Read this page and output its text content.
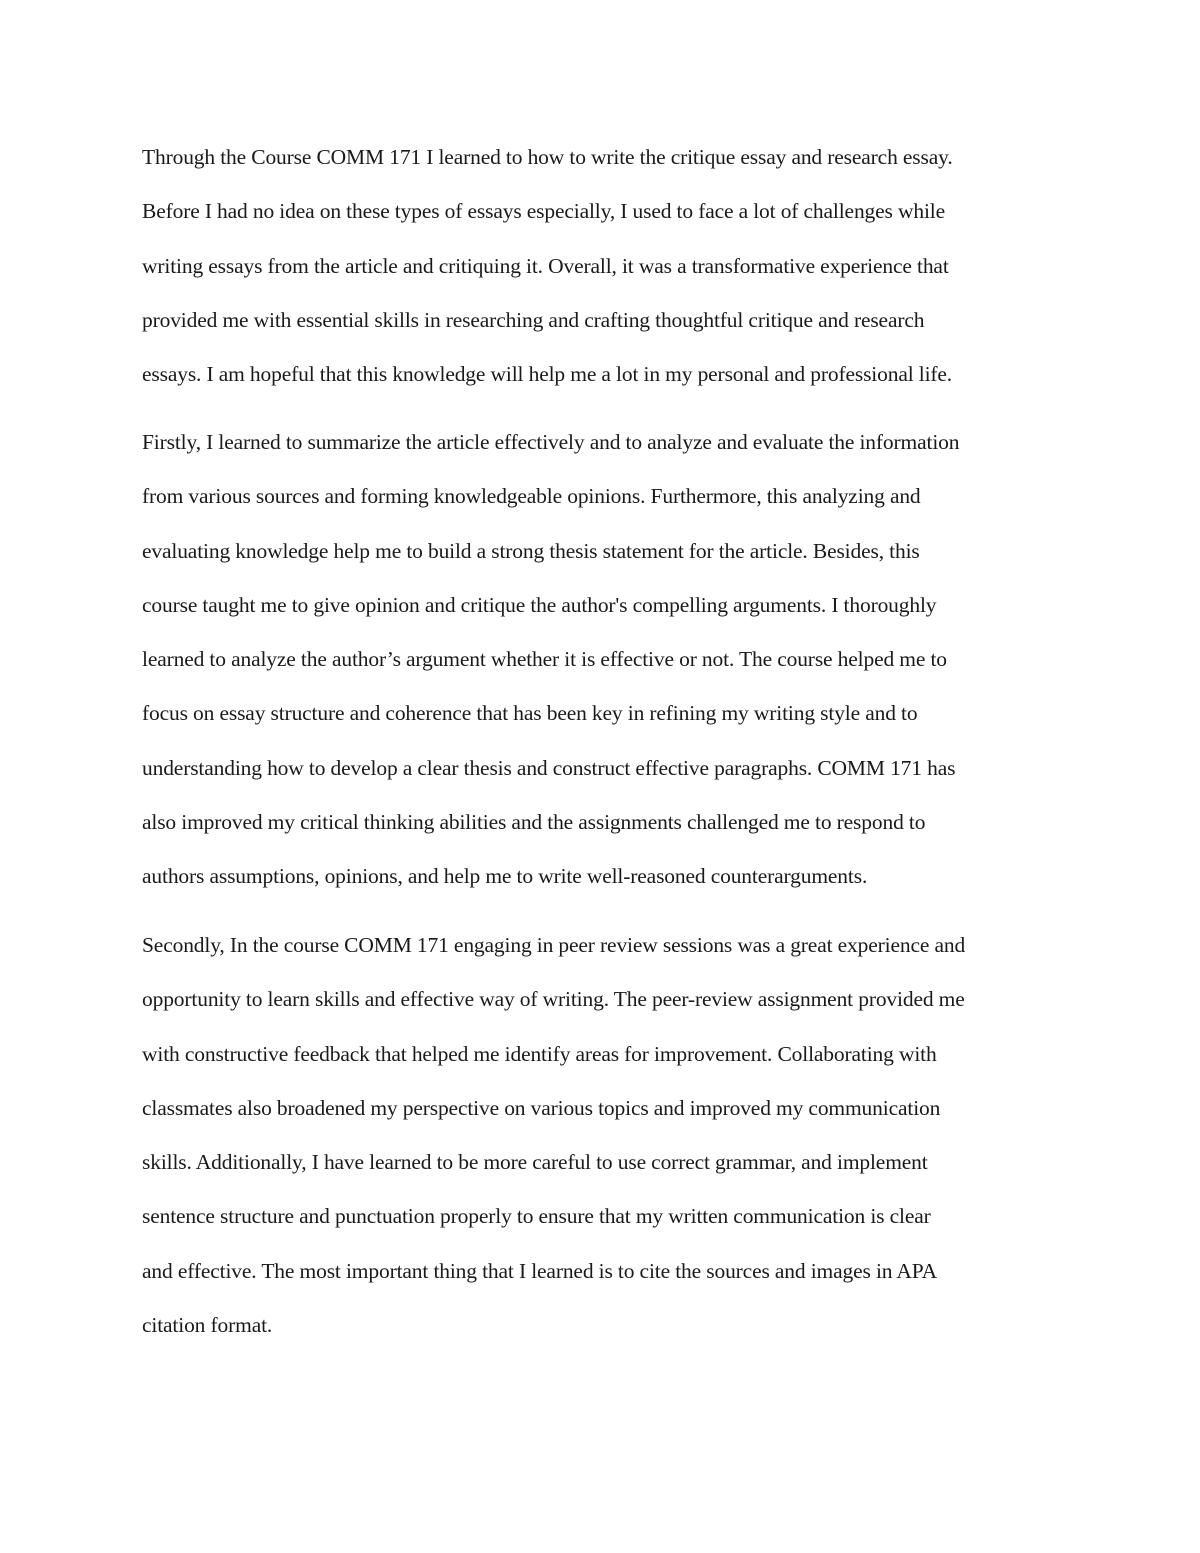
Through the Course COMM 171 I learned to how to write the critique essay and research essay.
Before I had no idea on these types of essays especially, I used to face a lot of challenges while
writing essays from the article and critiquing it. Overall, it was a transformative experience that
provided me with essential skills in researching and crafting thoughtful critique and research
essays. I am hopeful that this knowledge will help me a lot in my personal and professional life.
Firstly, I learned to summarize the article effectively and to analyze and evaluate the information
from various sources and forming knowledgeable opinions. Furthermore, this analyzing and
evaluating knowledge help me to build a strong thesis statement for the article. Besides, this
course taught me to give opinion and critique the author's compelling arguments. I thoroughly
learned to analyze the author’s argument whether it is effective or not. The course helped me to
focus on essay structure and coherence that has been key in refining my writing style and to
understanding how to develop a clear thesis and construct effective paragraphs. COMM 171 has
also improved my critical thinking abilities and the assignments challenged me to respond to
authors assumptions, opinions, and help me to write well-reasoned counterarguments.
Secondly, In the course COMM 171 engaging in peer review sessions was a great experience and
opportunity to learn skills and effective way of writing. The peer-review assignment provided me
with constructive feedback that helped me identify areas for improvement. Collaborating with
classmates also broadened my perspective on various topics and improved my communication
skills. Additionally, I have learned to be more careful to use correct grammar, and implement
sentence structure and punctuation properly to ensure that my written communication is clear
and effective. The most important thing that I learned is to cite the sources and images in APA
citation format.
